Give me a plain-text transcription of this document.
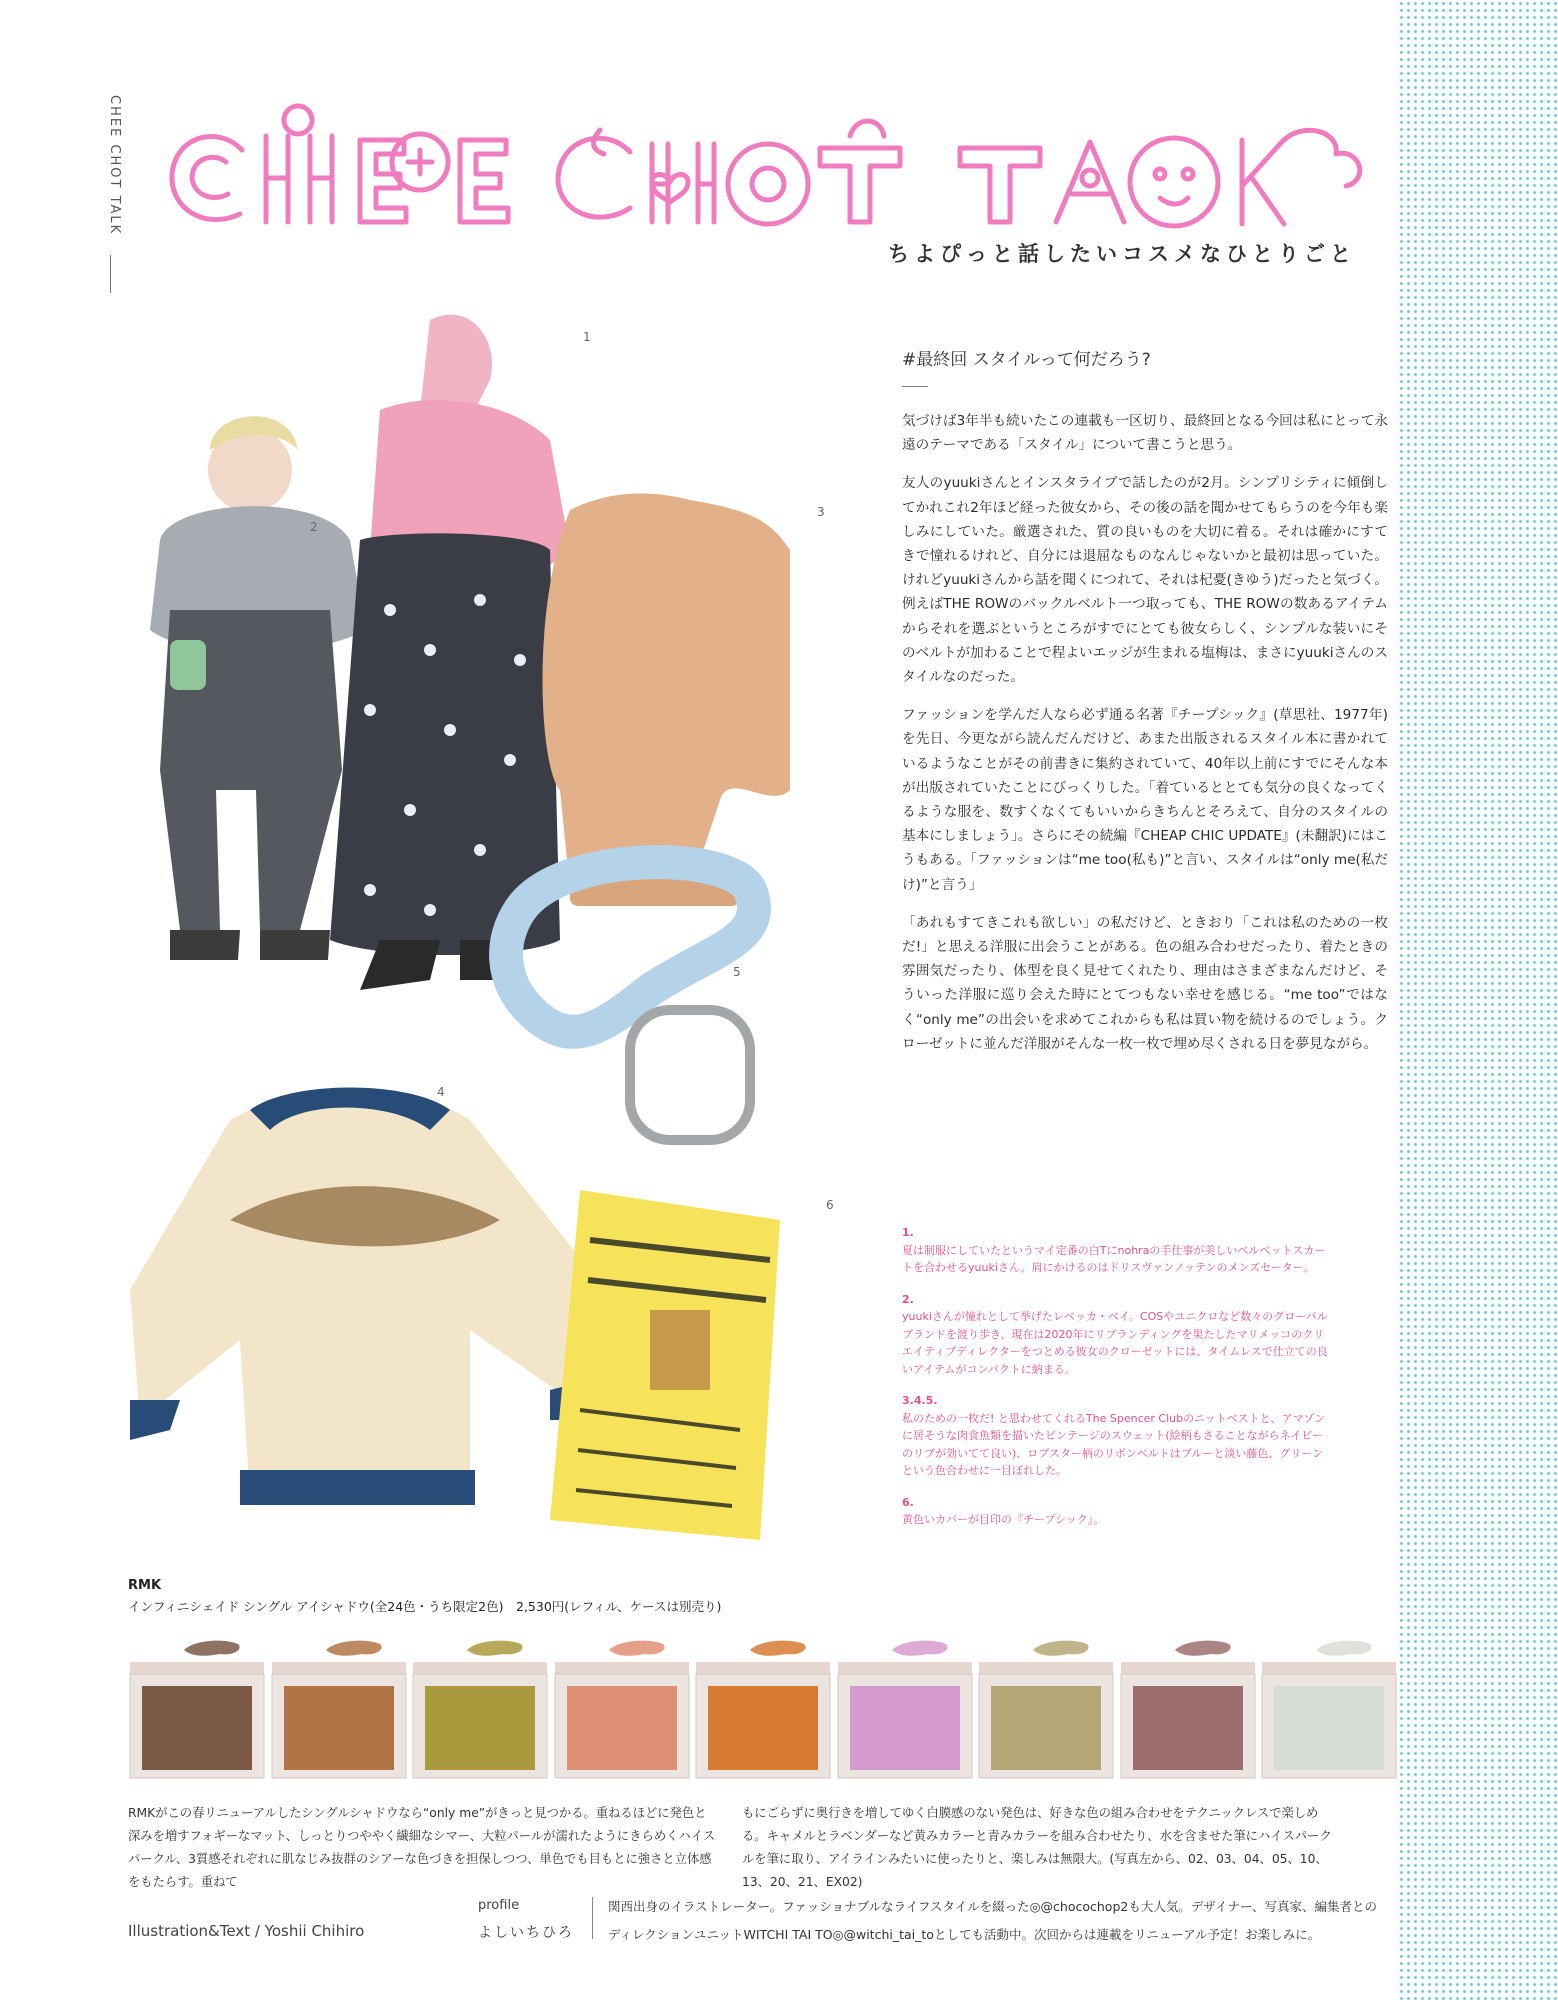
CHEE CHOT TALK
ちよぴっと話したいコスメなひとりごと
1
2
3
4
5
6
#最終回 スタイルって何だろう?

気づけば3年半も続いたこの連載も一区切り、最終回となる今回は私にとって永遠のテーマである「スタイル」について書こうと思う。

友人のyuukiさんとインスタライブで話したのが2月。シンプリシティに傾倒してかれこれ2年ほど経った彼女から、その後の話を聞かせてもらうのを今年も楽しみにしていた。厳選された、質の良いものを大切に着る。それは確かにすてきで憧れるけれど、自分には退屈なものなんじゃないかと最初は思っていた。けれどyuukiさんから話を聞くにつれて、それは杞憂(きゆう)だったと気づく。例えばTHE ROWのバックルベルト一つ取っても、THE ROWの数あるアイテムからそれを選ぶというところがすでにとても彼女らしく、シンプルな装いにそのベルトが加わることで程よいエッジが生まれる塩梅は、まさにyuukiさんのスタイルなのだった。

ファッションを学んだ人なら必ず通る名著『チープシック』(草思社、1977年)を先日、今更ながら読んだんだけど、あまた出版されるスタイル本に書かれているようなことがその前書きに集約されていて、40年以上前にすでにそんな本が出版されていたことにびっくりした。「着ているととても気分の良くなってくるような服を、数すくなくてもいいからきちんとそろえて、自分のスタイルの基本にしましょう」。さらにその続編『CHEAP CHIC UPDATE』(未翻訳)にはこうもある。「ファッションは“me too(私も)”と言い、スタイルは“only me(私だけ)”と言う」

「あれもすてきこれも欲しい」の私だけど、ときおり「これは私のための一枚だ!」と思える洋服に出会うことがある。色の組み合わせだったり、着たときの雰囲気だったり、体型を良く見せてくれたり、理由はさまざまなんだけど、そういった洋服に巡り会えた時にとてつもない幸せを感じる。“me too”ではなく“only me”の出会いを求めてこれからも私は買い物を続けるのでしょう。クローゼットに並んだ洋服がそんな一枚一枚で埋め尽くされる日を夢見ながら。

1.
夏は制服にしていたというマイ定番の白Tにnohraの手仕事が美しいベルベットスカートを合わせるyuukiさん。肩にかけるのはドリスヴァンノッテンのメンズセーター。
2.
yuukiさんが憧れとして挙げたレベッカ・ベイ。COSやユニクロなど数々のグローバルブランドを渡り歩き、現在は2020年にリブランディングを果たしたマリメッコのクリエイティブディレクターをつとめる彼女のクローゼットには、タイムレスで仕立ての良いアイテムがコンパクトに納まる。
3.4.5.
私のための一枚だ! と思わせてくれるThe Spencer Clubのニットベストと、アマゾンに居そうな肉食魚類を描いたビンテージのスウェット(絵柄もさることながらネイビーのリブが効いてて良い)、ロブスター柄のリボンベルトはブルーと淡い藤色、グリーンという色合わせに一目ぼれした。
6.
黄色いカバーが目印の『チープシック』。
RMK
インフィニシェイド シングル アイシャドウ(全24色・うち限定2色)　2,530円(レフィル、ケースは別売り)
RMKがこの春リニューアルしたシングルシャドウなら“only me”がきっと見つかる。重ねるほどに発色と深みを増すフォギーなマット、しっとりつややく繊細なシマー、大粒パールが濡れたようにきらめくハイスパークル、3質感それぞれに肌なじみ抜群のシアーな色づきを担保しつつ、単色でも目もとに強さと立体感をもたらす。重ねて
もにごらずに奥行きを増してゆく白膜感のない発色は、好きな色の組み合わせをテクニックレスで楽しめる。キャメルとラベンダーなど黄みカラーと青みカラーを組み合わせたり、水を含ませた筆にハイスパークルを筆に取り、アイラインみたいに使ったりと、楽しみは無限大。(写真左から、02、03、04、05、10、13、20、21、EX02)
Illustration&Text / Yoshii Chihiro
profile
よしいちひろ
関西出身のイラストレーター。ファッショナブルなライフスタイルを綴った◎@chocochop2も大人気。デザイナー、写真家、編集者とのディレクションユニットWITCHI TAI TO◎@witchi_tai_toとしても活動中。次回からは連載をリニューアル予定！お楽しみに。
